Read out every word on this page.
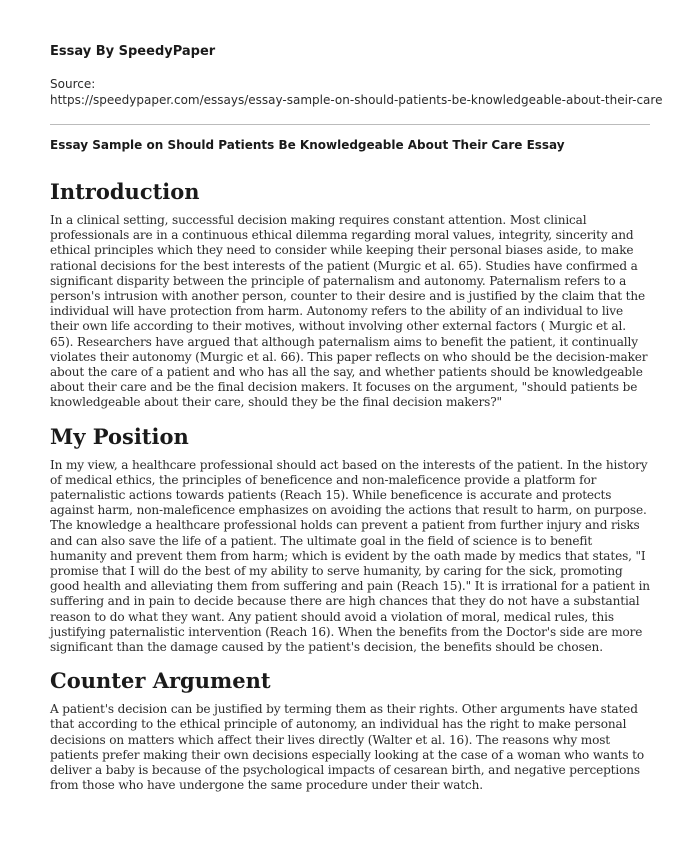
Essay By SpeedyPaper
Source:
https://speedypaper.com/essays/essay-sample-on-should-patients-be-knowledgeable-about-their-care
Essay Sample on Should Patients Be Knowledgeable About Their Care Essay
Introduction

In a clinical setting, successful decision making requires constant attention. Most clinical professionals are in a continuous ethical dilemma regarding moral values, integrity, sincerity and ethical principles which they need to consider while keeping their personal biases aside, to make rational decisions for the best interests of the patient (Murgic et al. 65). Studies have confirmed a significant disparity between the principle of paternalism and autonomy. Paternalism refers to a person's intrusion with another person, counter to their desire and is justified by the claim that the individual will have protection from harm. Autonomy refers to the ability of an individual to live their own life according to their motives, without involving other external factors ( Murgic et al. 65). Researchers have argued that although paternalism aims to benefit the patient, it continually violates their autonomy (Murgic et al. 66). This paper reflects on who should be the decision-maker about the care of a patient and who has all the say, and whether patients should be knowledgeable about their care and be the final decision makers. It focuses on the argument, "should patients be knowledgeable about their care, should they be the final decision makers?"

My Position

In my view, a healthcare professional should act based on the interests of the patient. In the history of medical ethics, the principles of beneficence and non-maleficence provide a platform for paternalistic actions towards patients (Reach 15). While beneficence is accurate and protects against harm, non-maleficence emphasizes on avoiding the actions that result to harm, on purpose. The knowledge a healthcare professional holds can prevent a patient from further injury and risks and can also save the life of a patient. The ultimate goal in the field of science is to benefit humanity and prevent them from harm; which is evident by the oath made by medics that states, "I promise that I will do the best of my ability to serve humanity, by caring for the sick, promoting good health and alleviating them from suffering and pain (Reach 15)." It is irrational for a patient in suffering and in pain to decide because there are high chances that they do not have a substantial reason to do what they want. Any patient should avoid a violation of moral, medical rules, this justifying paternalistic intervention (Reach 16). When the benefits from the Doctor's side are more significant than the damage caused by the patient's decision, the benefits should be chosen.

Counter Argument

A patient's decision can be justified by terming them as their rights. Other arguments have stated that according to the ethical principle of autonomy, an individual has the right to make personal decisions on matters which affect their lives directly (Walter et al. 16). The reasons why most patients prefer making their own decisions especially looking at the case of a woman who wants to deliver a baby is because of the psychological impacts of cesarean birth, and negative perceptions from those who have undergone the same procedure under their watch.
